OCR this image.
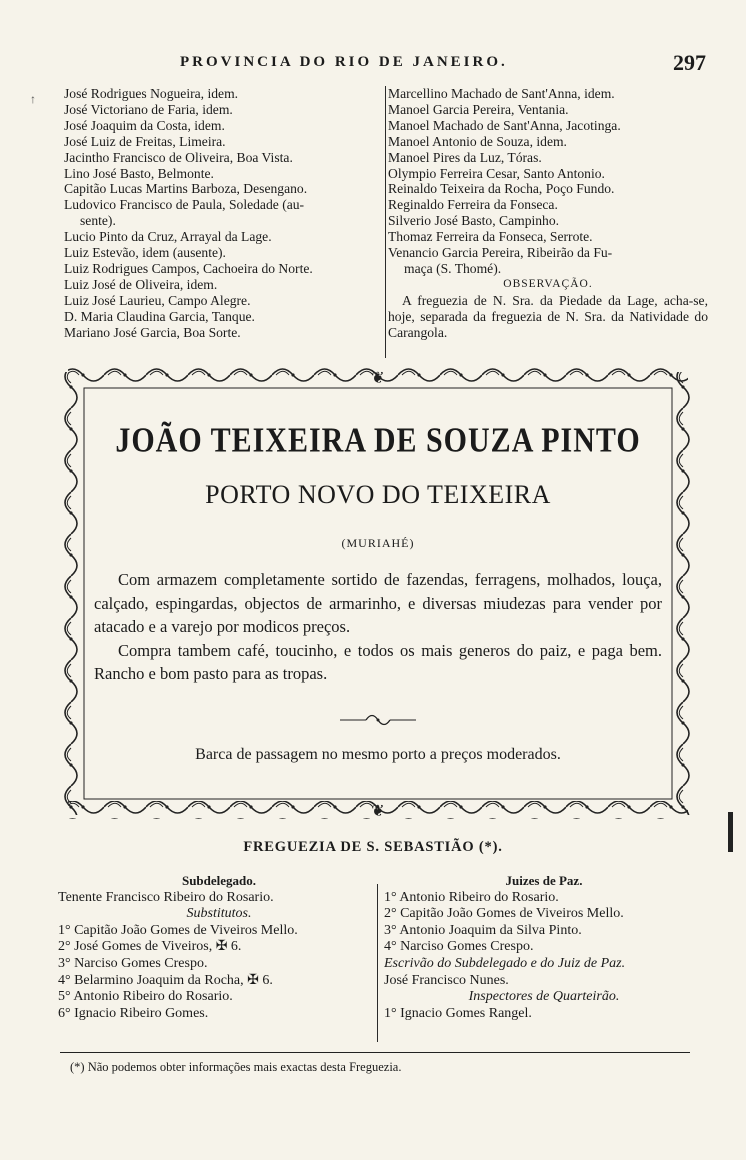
↑
PROVINCIA DO RIO DE JANEIRO.	297
José Rodrigues Nogueira, idem.
José Victoriano de Faria, idem.
José Joaquim da Costa, idem.
José Luiz de Freitas, Limeira.
Jacintho Francisco de Oliveira, Boa Vista.
Lino José Basto, Belmonte.
Capitão Lucas Martins Barboza, Desengano.
Ludovico Francisco de Paula, Soledade (au-
sente).
Lucio Pinto da Cruz, Arrayal da Lage.
Luiz Estevão, idem (ausente).
Luiz Rodrigues Campos, Cachoeira do Norte.
Luiz José de Oliveira, idem.
Luiz José Laurieu, Campo Alegre.
D. Maria Claudina Garcia, Tanque.
Mariano José Garcia, Boa Sorte.
Marcellino Machado de Sant'Anna, idem.
Manoel Garcia Pereira, Ventania.
Manoel Machado de Sant'Anna, Jacotinga.
Manoel Antonio de Souza, idem.
Manoel Pires da Luz, Tóras.
Olympio Ferreira Cesar, Santo Antonio.
Reinaldo Teixeira da Rocha, Poço Fundo.
Reginaldo Ferreira da Fonseca.
Silverio José Basto, Campinho.
Thomaz Ferreira da Fonseca, Serrote.
Venancio Garcia Pereira, Ribeirão da Fu-
maça (S. Thomé).
OBSERVAÇÃO.
A freguezia de N. Sra. da Piedade da Lage, acha-se, hoje, separada da freguezia de N. Sra. da Natividade do Carangola.
❦
❦
JOÃO TEIXEIRA DE SOUZA PINTO
PORTO NOVO DO TEIXEIRA
(MURIAHÉ)

Com armazem completamente sortido de fazendas, ferragens, molhados, louça, calçado, espingardas, objectos de armarinho, e diversas miudezas para vender por atacado e a varejo por modicos preços.

Compra tambem café, toucinho, e todos os mais generos do paiz, e paga bem. Rancho e bom pasto para as tropas.

Barca de passagem no mesmo porto a preços moderados.
FREGUEZIA DE S. SEBASTIÃO (*).
Subdelegado.
Tenente Francisco Ribeiro do Rosario.
Substitutos.
1° Capitão João Gomes de Viveiros Mello.
2° José Gomes de Viveiros, ✠ 6.
3° Narciso Gomes Crespo.
4° Belarmino Joaquim da Rocha, ✠ 6.
5° Antonio Ribeiro do Rosario.
6° Ignacio Ribeiro Gomes.
Juizes de Paz.
1° Antonio Ribeiro do Rosario.
2° Capitão João Gomes de Viveiros Mello.
3° Antonio Joaquim da Silva Pinto.
4° Narciso Gomes Crespo.
Escrivão do Subdelegado e do Juiz de Paz.
José Francisco Nunes.
Inspectores de Quarteirão.
1° Ignacio Gomes Rangel.
(*) Não podemos obter informações mais exactas desta Freguezia.
